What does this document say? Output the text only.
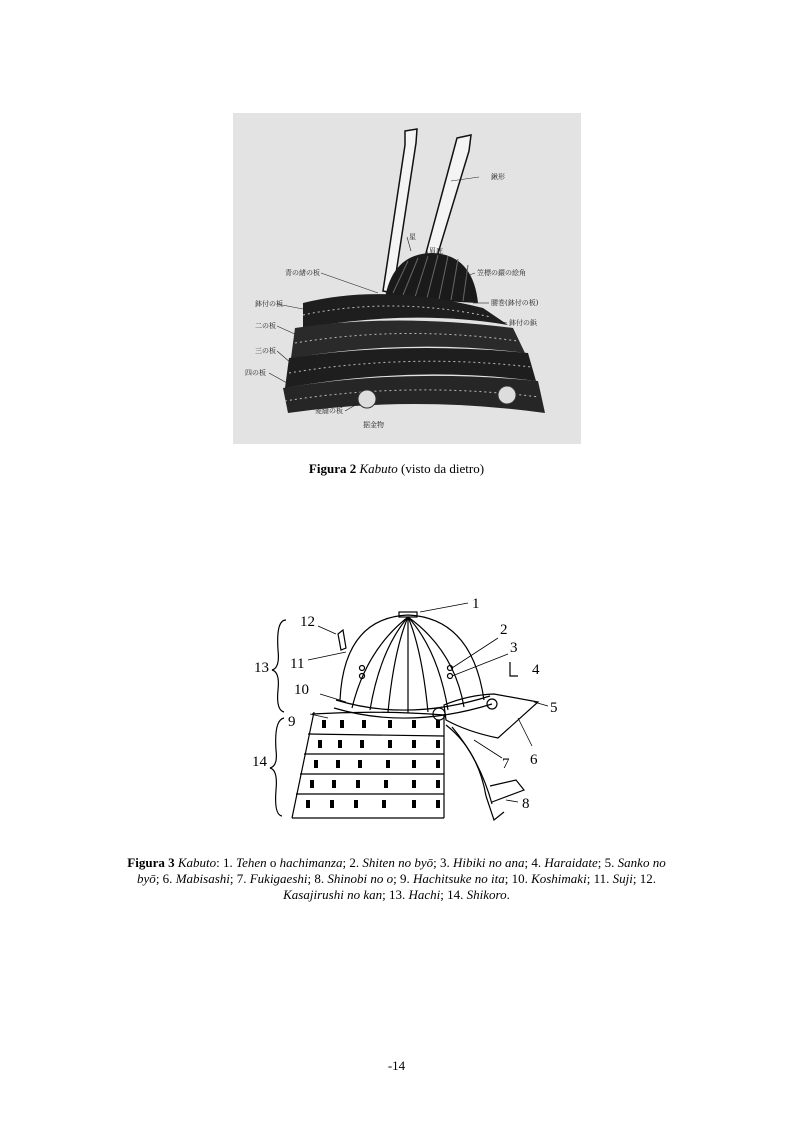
鍬形
星
眉庇
笠標の鐶の絵角
青の緒の板
腰巻(鉢付の板)
鉢付の板
鉢付の鋲
二の板
三の板
四の板
菱縫の板
据金物
Figura 2 Kabuto (visto da dietro)
1
2
3
4
5
6
7
8
9
10
11
12
13
14
Figura 3 Kabuto: 1. Tehen o hachimanza; 2. Shiten no byō; 3. Hibiki no ana; 4. Haraidate; 5. Sanko no byō; 6. Mabisashi; 7. Fukigaeshi; 8. Shinobi no o; 9. Hachitsuke no ita; 10. Koshimaki; 11. Suji; 12. Kasajirushi no kan; 13. Hachi; 14. Shikoro.
-14
